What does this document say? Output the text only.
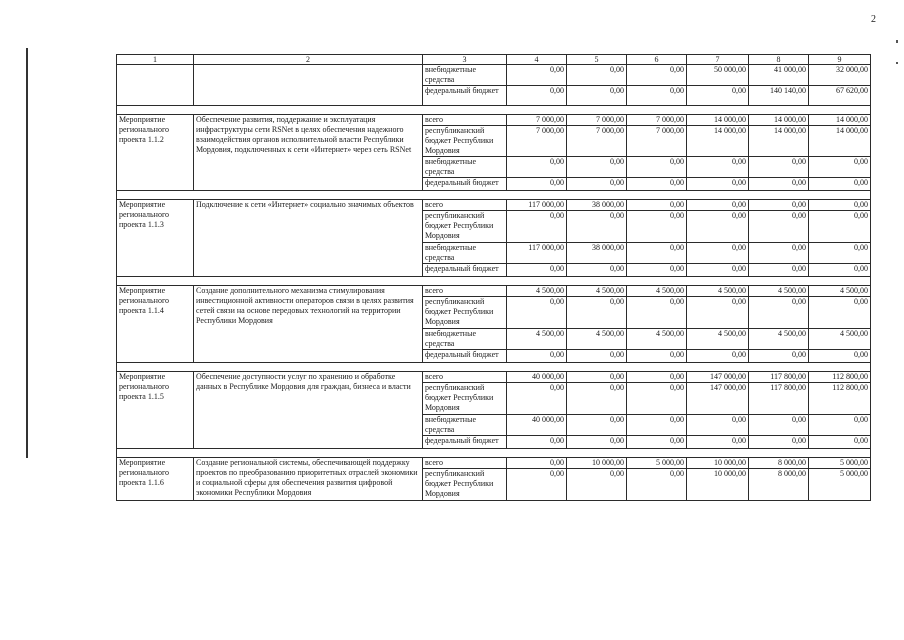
2
1	2	3	4	5	6	7	8	9
		внебюджетные средства	0,00	0,00	0,00	50 000,00	41 000,00	32 000,00
		федеральный бюджет	0,00	0,00	0,00	0,00	140 140,00	67 620,00

Мероприятие регионального проекта 1.1.2	Обеспечение развития, поддержание и эксплуатация инфраструктуры сети RSNet в целях обеспечения надежного взаимодействия органов исполнительной власти Республики Мордовия, подключенных к сети «Интернет» через сеть RSNet	всего	7 000,00	7 000,00	7 000,00	14 000,00	14 000,00	14 000,00
		республиканский бюджет Республики Мордовия	7 000,00	7 000,00	7 000,00	14 000,00	14 000,00	14 000,00
		внебюджетные средства	0,00	0,00	0,00	0,00	0,00	0,00
		федеральный бюджет	0,00	0,00	0,00	0,00	0,00	0,00

Мероприятие регионального проекта 1.1.3	Подключение к сети «Интернет» социально значимых объектов	всего	117 000,00	38 000,00	0,00	0,00	0,00	0,00
		республиканский бюджет Республики Мордовия	0,00	0,00	0,00	0,00	0,00	0,00
		внебюджетные средства	117 000,00	38 000,00	0,00	0,00	0,00	0,00
		федеральный бюджет	0,00	0,00	0,00	0,00	0,00	0,00

Мероприятие регионального проекта 1.1.4	Создание дополнительного механизма стимулирования инвестиционной активности операторов связи в целях развития сетей связи на основе передовых технологий на территории Республики Мордовия	всего	4 500,00	4 500,00	4 500,00	4 500,00	4 500,00	4 500,00
		республиканский бюджет Республики Мордовия	0,00	0,00	0,00	0,00	0,00	0,00
		внебюджетные средства	4 500,00	4 500,00	4 500,00	4 500,00	4 500,00	4 500,00
		федеральный бюджет	0,00	0,00	0,00	0,00	0,00	0,00

Мероприятие регионального проекта 1.1.5	Обеспечение доступности услуг по хранению и обработке данных в Республике Мордовия для граждан, бизнеса и власти	всего	40 000,00	0,00	0,00	147 000,00	117 800,00	112 800,00
		республиканский бюджет Республики Мордовия	0,00	0,00	0,00	147 000,00	117 800,00	112 800,00
		внебюджетные средства	40 000,00	0,00	0,00	0,00	0,00	0,00
		федеральный бюджет	0,00	0,00	0,00	0,00	0,00	0,00

Мероприятие регионального проекта 1.1.6	Создание региональной системы, обеспечивающей поддержку проектов по преобразованию приоритетных отраслей экономики и социальной сферы для обеспечения развития цифровой экономики Республики Мордовия	всего	0,00	10 000,00	5 000,00	10 000,00	8 000,00	5 000,00
		республиканский бюджет Республики Мордовия	0,00	0,00	0,00	10 000,00	8 000,00	5 000,00
